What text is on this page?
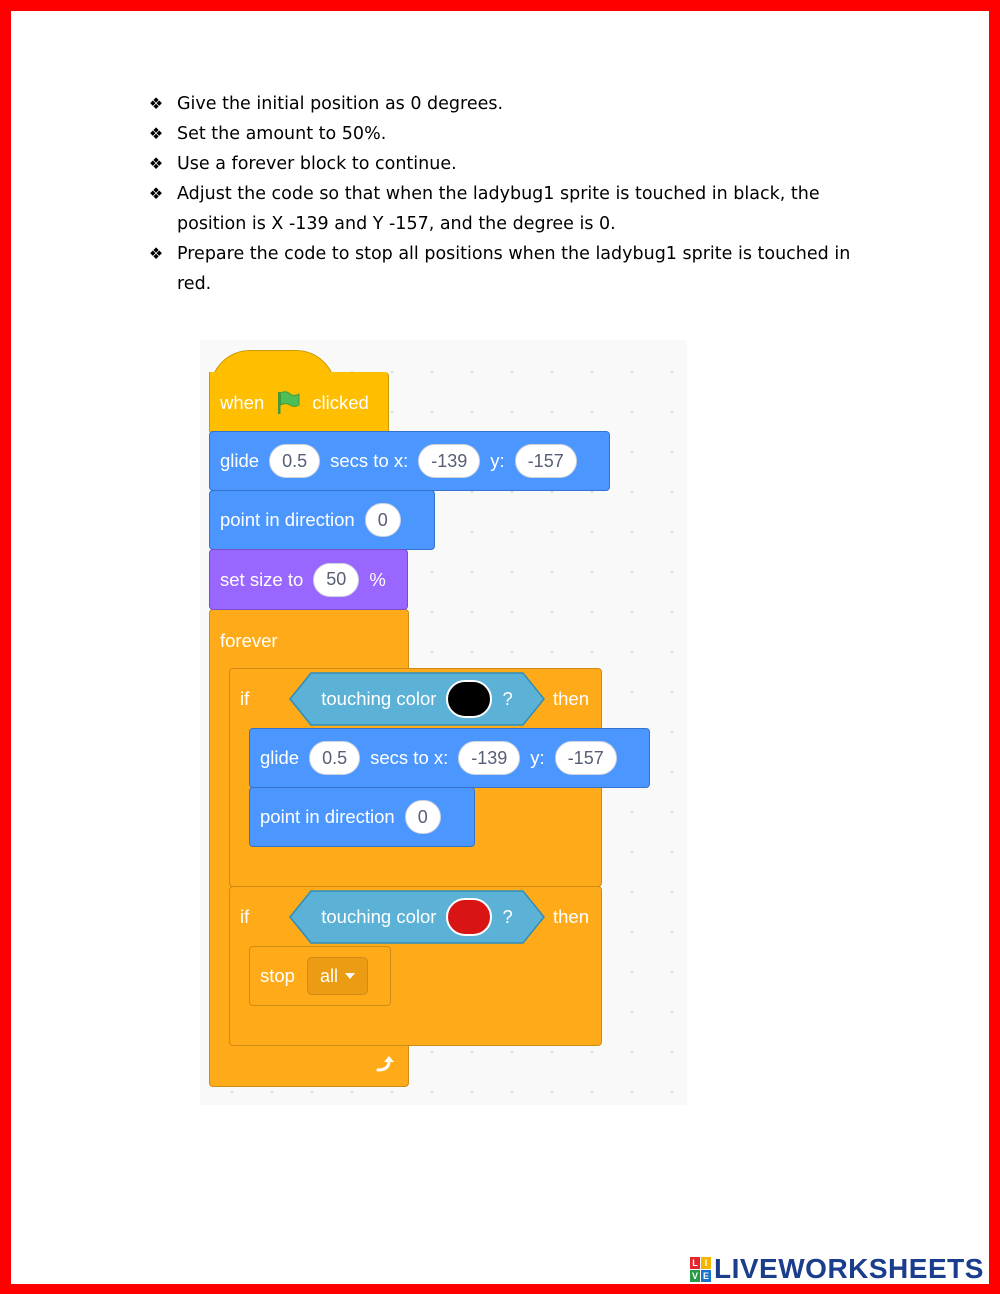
❖ Give the initial position as 0 degrees.
❖ Set the amount to 50%.
❖ Use a forever block to continue.
❖ Adjust the code so that when the ladybug1 sprite is touched in black, the position is X -139 and Y -157, and the degree is 0.
❖ Prepare the code to stop all positions when the ladybug1 sprite is touched in red.
forever
when	clicked
glide	0.5	secs to x:	-139	y:	-157
point in direction	0
set size to	50	%
if	touching color	? then
glide	0.5	secs to x:	-139	y:	-157
point in direction	0
if	touching color	? then
stop all
L I
V E LIVEWORKSHEETS
